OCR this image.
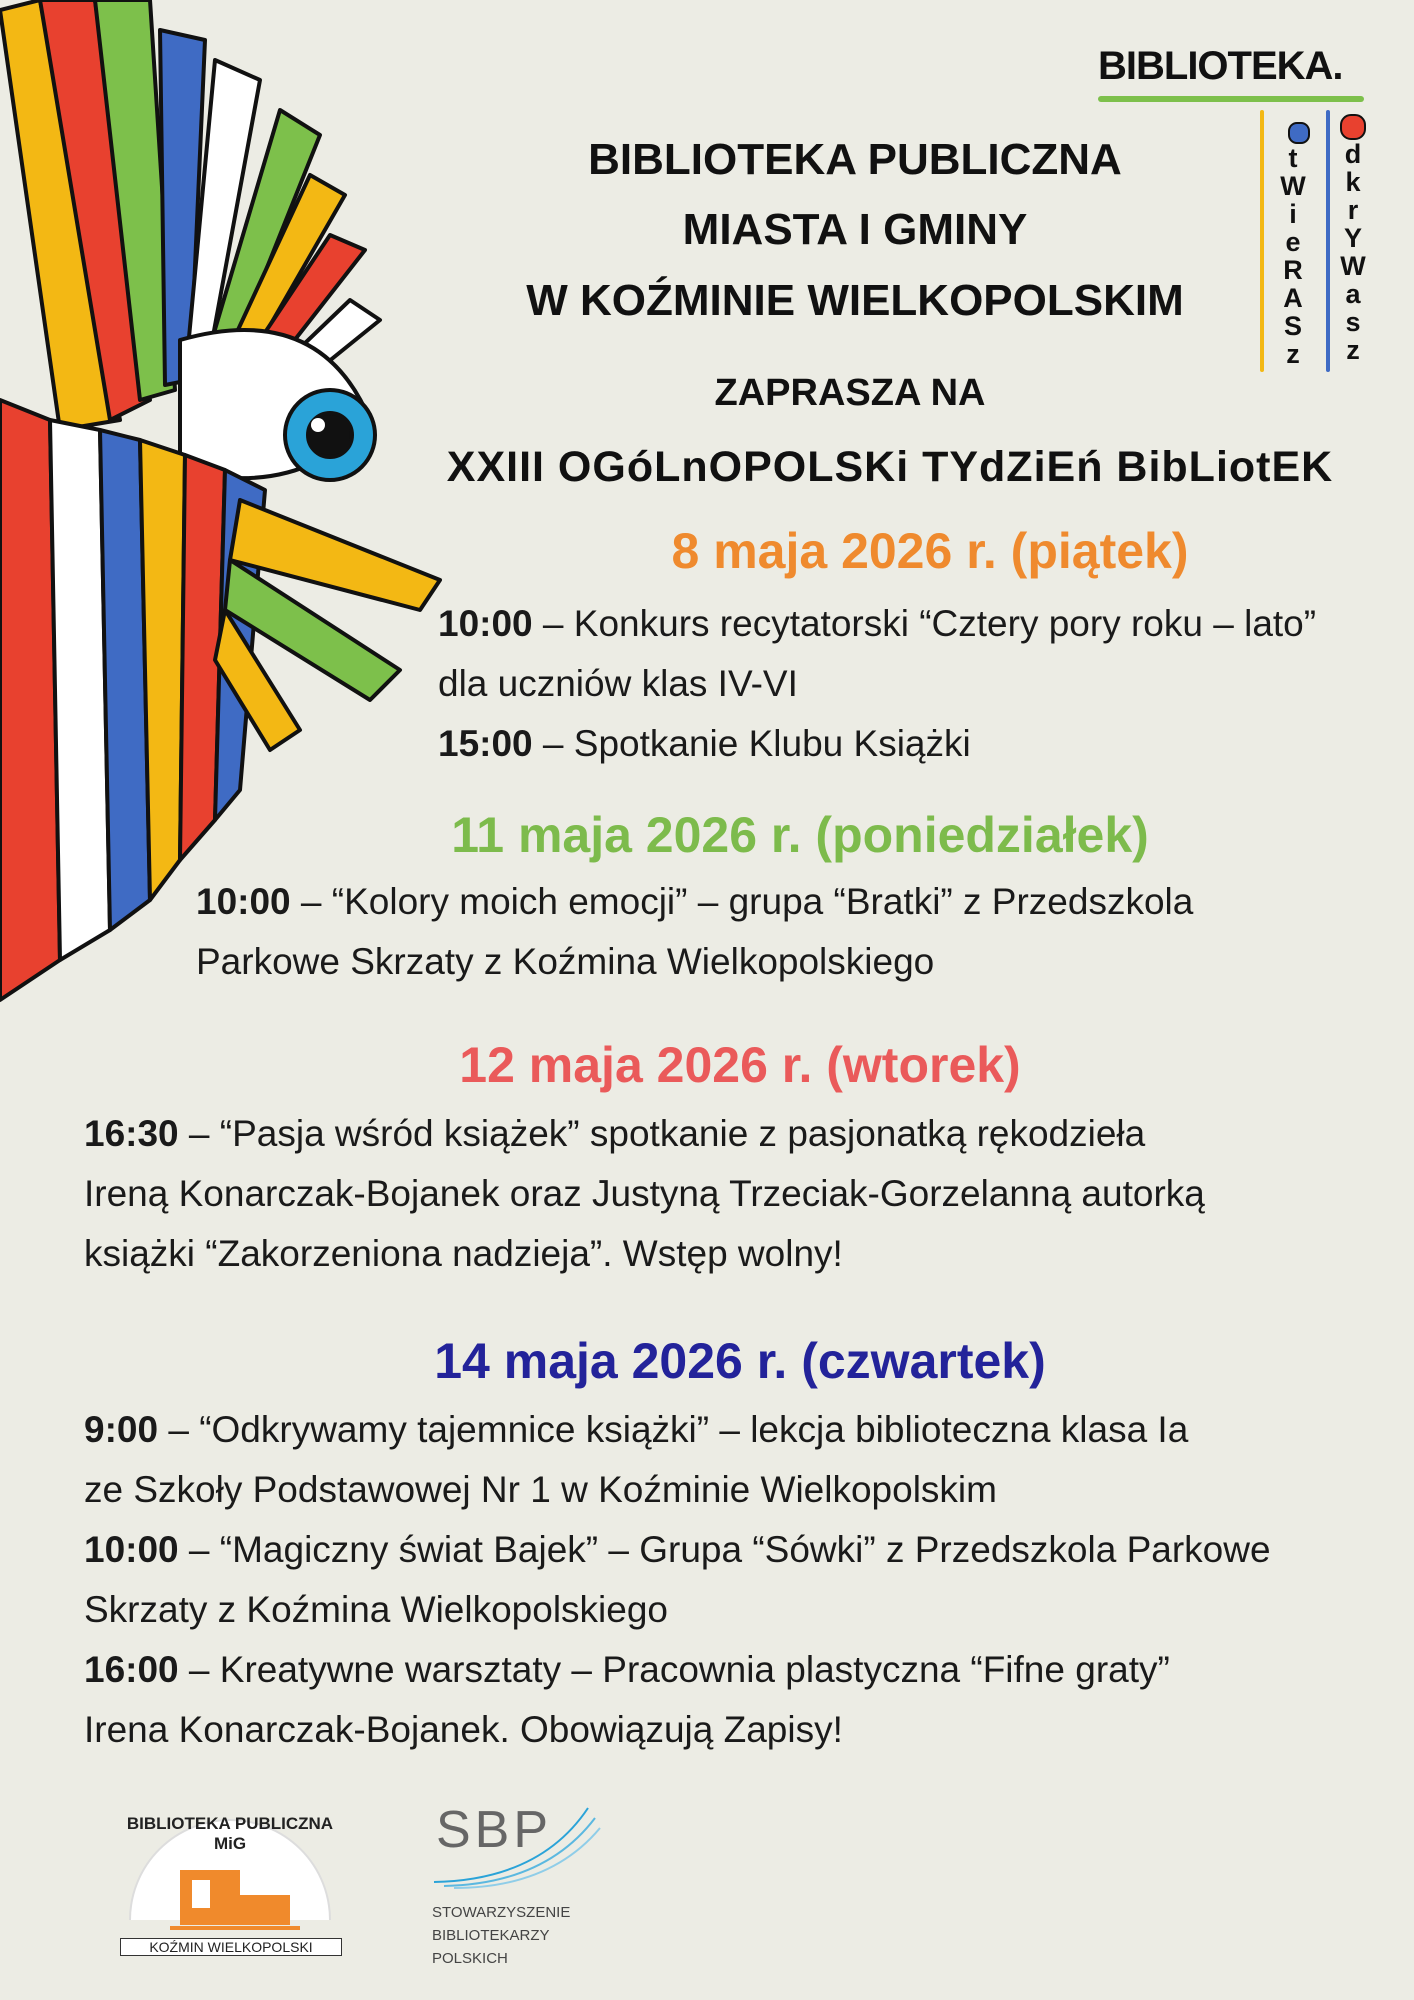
BIBLIOTEKA.
t
W
i
e
R
A
S
z
d
k
r
Y
W
a
s
z
BIBLIOTEKA PUBLICZNA
MIASTA I GMINY
W KOŹMINIE WIELKOPOLSKIM
ZAPRASZA NA
XXIII OGóLnOPOLSKi TYdZiEń BibLiotEK
8 maja 2026 r. (piątek)
10:00 – Konkurs recytatorski “Cztery pory roku – lato”
dla uczniów klas IV-VI
15:00 – Spotkanie Klubu Książki
11 maja 2026 r. (poniedziałek)
10:00 – “Kolory moich emocji” – grupa “Bratki” z Przedszkola
Parkowe Skrzaty z Koźmina Wielkopolskiego
12 maja 2026 r. (wtorek)
16:30 – “Pasja wśród książek” spotkanie z pasjonatką rękodzieła
Ireną Konarczak-Bojanek oraz Justyną Trzeciak-Gorzelanną autorką
książki “Zakorzeniona nadzieja”. Wstęp wolny!
14 maja 2026 r. (czwartek)
9:00 – “Odkrywamy tajemnice książki” – lekcja biblioteczna klasa Ia
ze Szkoły Podstawowej Nr 1 w Koźminie Wielkopolskim
10:00 – “Magiczny świat Bajek” – Grupa “Sówki” z Przedszkola Parkowe
Skrzaty z Koźmina Wielkopolskiego
16:00 – Kreatywne warsztaty – Pracownia plastyczna “Fifne graty”
Irena Konarczak-Bojanek. Obowiązują Zapisy!
BIBLIOTEKA PUBLICZNA MiG
KOŹMIN WIELKOPOLSKI
SBP
STOWARZYSZENIE
BIBLIOTEKARZY
POLSKICH
